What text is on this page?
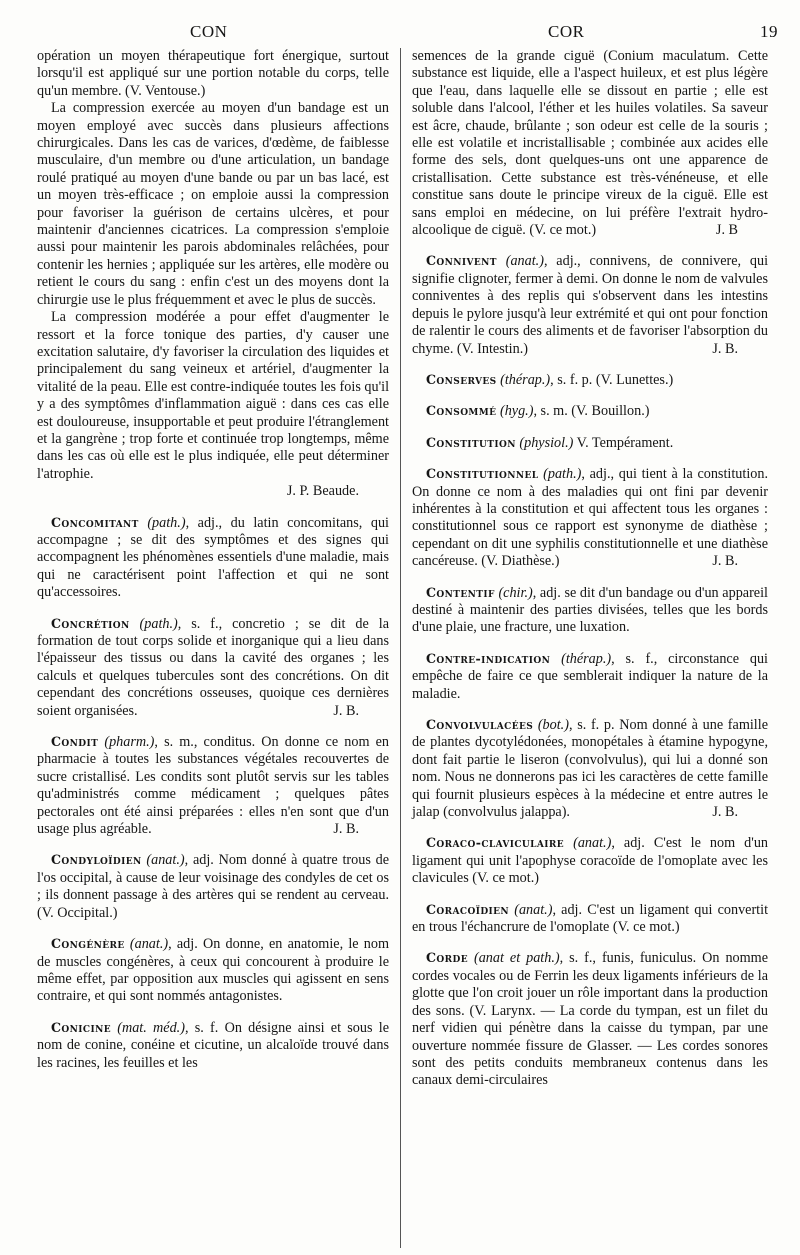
CON	COR	19

opération un moyen thérapeutique fort énergique, surtout lorsqu'il est appliqué sur une portion notable du corps, telle qu'un membre. (V. Ventouse.)

La compression exercée au moyen d'un bandage est un moyen employé avec succès dans plusieurs affections chirurgicales. Dans les cas de varices, d'œdème, de faiblesse musculaire, d'un membre ou d'une articulation, un bandage roulé pratiqué au moyen d'une bande ou par un bas lacé, est un moyen très-efficace ; on emploie aussi la compression pour favoriser la guérison de certains ulcères, et pour maintenir d'anciennes cicatrices. La compression s'emploie aussi pour maintenir les parois abdominales relâchées, pour contenir les hernies ; appliquée sur les artères, elle modère ou retient le cours du sang : enfin c'est un des moyens dont la chirurgie use le plus fréquemment et avec le plus de succès.

La compression modérée a pour effet d'augmenter le ressort et la force tonique des parties, d'y causer une excitation salutaire, d'y favoriser la circulation des liquides et principalement du sang veineux et artériel, d'augmenter la vitalité de la peau. Elle est contre-indiquée toutes les fois qu'il y a des symptômes d'inflammation aiguë : dans ces cas elle est douloureuse, insupportable et peut produire l'étranglement et la gangrène ; trop forte et continuée trop longtemps, même dans les cas où elle est le plus indiquée, elle peut déterminer l'atrophie.

J. P. Beaude.

Concomitant (path.), adj., du latin concomitans, qui accompagne ; se dit des symptômes et des signes qui accompagnent les phénomènes essentiels d'une maladie, mais qui ne caractérisent point l'affection et qui ne sont qu'accessoires.

Concrétion (path.), s. f., concretio ; se dit de la formation de tout corps solide et inorganique qui a lieu dans l'épaisseur des tissus ou dans la cavité des organes ; les calculs et quelques tubercules sont des concrétions. On dit cependant des concrétions osseuses, quoique ces dernières soient organisées.	J. B.

Condit (pharm.), s. m., conditus. On donne ce nom en pharmacie à toutes les substances végétales recouvertes de sucre cristallisé. Les condits sont plutôt servis sur les tables qu'administrés comme médicament ; quelques pâtes pectorales ont été ainsi préparées : elles n'en sont que d'un usage plus agréable.	J. B.

Condyloïdien (anat.), adj. Nom donné à quatre trous de l'os occipital, à cause de leur voisinage des condyles de cet os ; ils donnent passage à des artères qui se rendent au cerveau. (V. Occipital.)

Congénère (anat.), adj. On donne, en anatomie, le nom de muscles congénères, à ceux qui concourent à produire le même effet, par opposition aux muscles qui agissent en sens contraire, et qui sont nommés antagonistes.

Conicine (mat. méd.), s. f. On désigne ainsi et sous le nom de conine, conéine et cicutine, un alcaloïde trouvé dans les racines, les feuilles et les

semences de la grande ciguë (Conium maculatum. Cette substance est liquide, elle a l'aspect huileux, et est plus légère que l'eau, dans laquelle elle se dissout en partie ; elle est soluble dans l'alcool, l'éther et les huiles volatiles. Sa saveur est âcre, chaude, brûlante ; son odeur est celle de la souris ; elle est volatile et incristallisable ; combinée aux acides elle forme des sels, dont quelques-uns ont une apparence de cristallisation. Cette substance est très-vénéneuse, et elle constitue sans doute le principe vireux de la ciguë. Elle est sans emploi en médecine, on lui préfère l'extrait hydro-alcoolique de ciguë. (V. ce mot.)	J. B

Connivent (anat.), adj., connivens, de connivere, qui signifie clignoter, fermer à demi. On donne le nom de valvules conniventes à des replis qui s'observent dans les intestins depuis le pylore jusqu'à leur extrémité et qui ont pour fonction de ralentir le cours des aliments et de favoriser l'absorption du chyme. (V. Intestin.)	J. B.

Conserves (thérap.), s. f. p. (V. Lunettes.)

Consommé (hyg.), s. m. (V. Bouillon.)

Constitution (physiol.) V. Tempérament.

Constitutionnel (path.), adj., qui tient à la constitution. On donne ce nom à des maladies qui ont fini par devenir inhérentes à la constitution et qui affectent tous les organes : constitutionnel sous ce rapport est synonyme de diathèse ; cependant on dit une syphilis constitutionnelle et une diathèse cancéreuse. (V. Diathèse.)	J. B.

Contentif (chir.), adj. se dit d'un bandage ou d'un appareil destiné à maintenir des parties divisées, telles que les bords d'une plaie, une fracture, une luxation.

Contre-indication (thérap.), s. f., circonstance qui empêche de faire ce que semblerait indiquer la nature de la maladie.

Convolvulacées (bot.), s. f. p. Nom donné à une famille de plantes dycotylédonées, monopétales à étamine hypogyne, dont fait partie le liseron (convolvulus), qui lui a donné son nom. Nous ne donnerons pas ici les caractères de cette famille qui fournit plusieurs espèces à la médecine et entre autres le jalap (convolvulus jalappa).	J. B.

Coraco-claviculaire (anat.), adj. C'est le nom d'un ligament qui unit l'apophyse coracoïde de l'omoplate avec les clavicules (V. ce mot.)

Coracoïdien (anat.), adj. C'est un ligament qui convertit en trous l'échancrure de l'omoplate (V. ce mot.)

Corde (anat et path.), s. f., funis, funiculus. On nomme cordes vocales ou de Ferrin les deux ligaments inférieurs de la glotte que l'on croit jouer un rôle important dans la production des sons. (V. Larynx. — La corde du tympan, est un filet du nerf vidien qui pénètre dans la caisse du tympan, par une ouverture nommée fissure de Glasser. — Les cordes sonores sont des petits conduits membraneux contenus dans les canaux demi-circulaires
